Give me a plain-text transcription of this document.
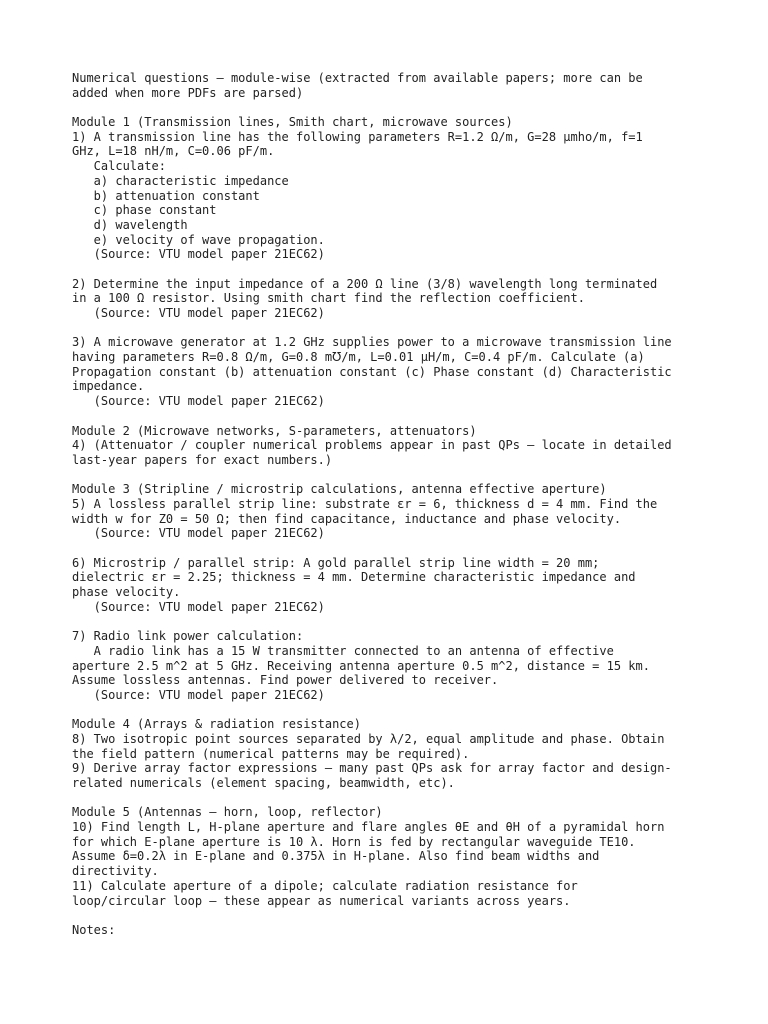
Numerical questions — module-wise (extracted from available papers; more can be
added when more PDFs are parsed)
Module 1 (Transmission lines, Smith chart, microwave sources)
1) A transmission line has the following parameters R=1.2 Ω/m, G=28 μmho/m, f=1
GHz, L=18 nH/m, C=0.06 pF/m.
Calculate:
a) characteristic impedance
b) attenuation constant
c) phase constant
d) wavelength
e) velocity of wave propagation.
(Source: VTU model paper 21EC62)
2) Determine the input impedance of a 200 Ω line (3/8) wavelength long terminated
in a 100 Ω resistor. Using smith chart find the reflection coefficient.
(Source: VTU model paper 21EC62)
3) A microwave generator at 1.2 GHz supplies power to a microwave transmission line
having parameters R=0.8 Ω/m, G=0.8 m℧/m, L=0.01 μH/m, C=0.4 pF/m. Calculate (a)
Propagation constant (b) attenuation constant (c) Phase constant (d) Characteristic
impedance.
(Source: VTU model paper 21EC62)
Module 2 (Microwave networks, S-parameters, attenuators)
4) (Attenuator / coupler numerical problems appear in past QPs — locate in detailed
last-year papers for exact numbers.)
Module 3 (Stripline / microstrip calculations, antenna effective aperture)
5) A lossless parallel strip line: substrate εr = 6, thickness d = 4 mm. Find the
width w for Z0 = 50 Ω; then find capacitance, inductance and phase velocity.
(Source: VTU model paper 21EC62)
6) Microstrip / parallel strip: A gold parallel strip line width = 20 mm;
dielectric εr = 2.25; thickness = 4 mm. Determine characteristic impedance and
phase velocity.
(Source: VTU model paper 21EC62)
7) Radio link power calculation:
A radio link has a 15 W transmitter connected to an antenna of effective
aperture 2.5 m^2 at 5 GHz. Receiving antenna aperture 0.5 m^2, distance = 15 km.
Assume lossless antennas. Find power delivered to receiver.
(Source: VTU model paper 21EC62)
Module 4 (Arrays & radiation resistance)
8) Two isotropic point sources separated by λ/2, equal amplitude and phase. Obtain
the field pattern (numerical patterns may be required).
9) Derive array factor expressions — many past QPs ask for array factor and design-
related numericals (element spacing, beamwidth, etc).
Module 5 (Antennas — horn, loop, reflector)
10) Find length L, H-plane aperture and flare angles θE and θH of a pyramidal horn
for which E-plane aperture is 10 λ. Horn is fed by rectangular waveguide TE10.
Assume δ=0.2λ in E-plane and 0.375λ in H-plane. Also find beam widths and
directivity.
11) Calculate aperture of a dipole; calculate radiation resistance for
loop/circular loop — these appear as numerical variants across years.
Notes:
